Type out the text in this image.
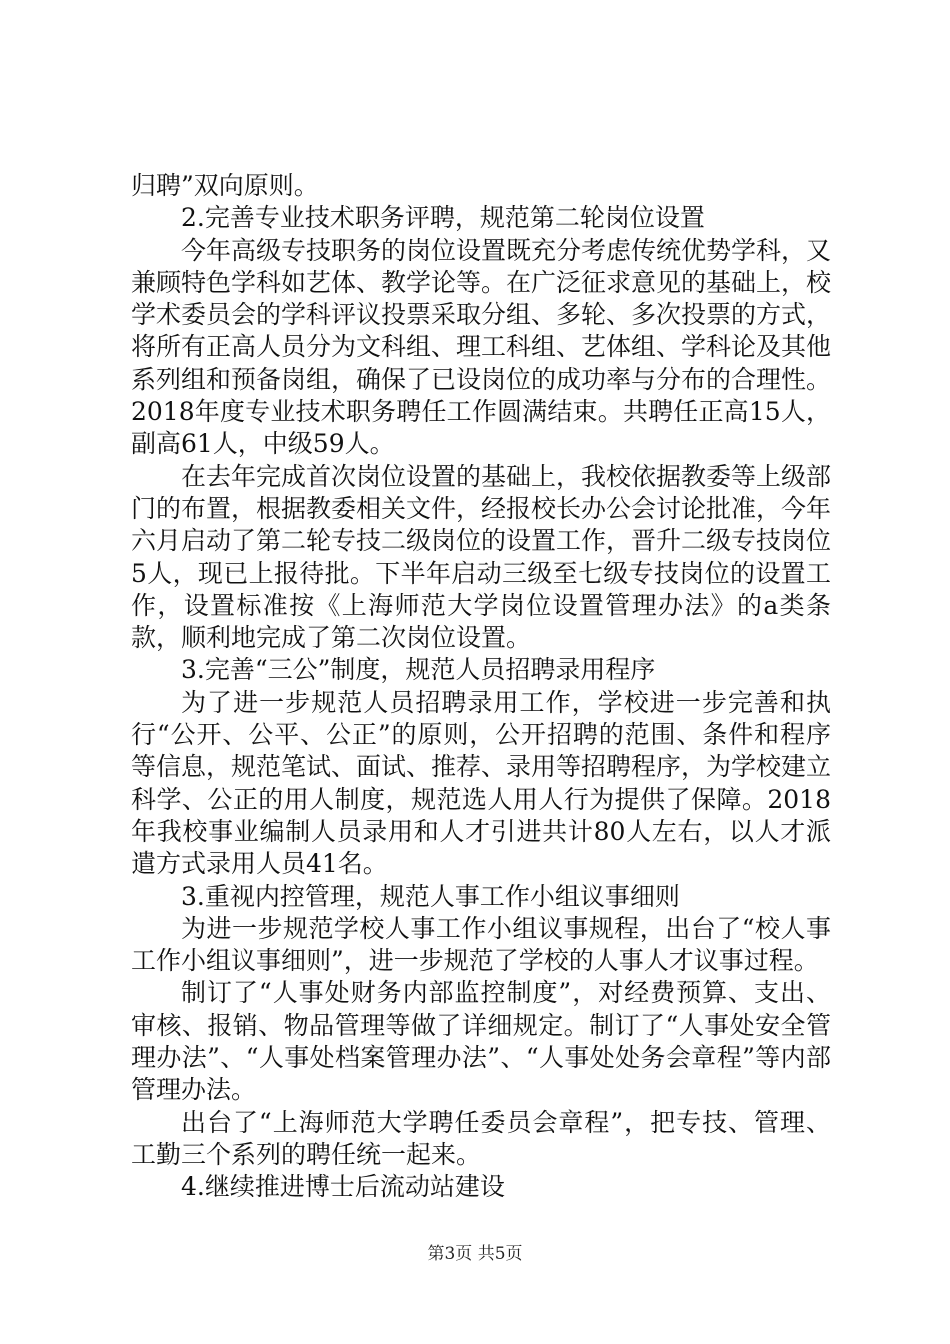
归聘”双向原则。

2.完善专业技术职务评聘，规范第二轮岗位设置

今年高级专技职务的岗位设置既充分考虑传统优势学科，又兼顾特色学科如艺体、教学论等。在广泛征求意见的基础上，校学术委员会的学科评议投票采取分组、多轮、多次投票的方式，将所有正高人员分为文科组、理工科组、艺体组、学科论及其他系列组和预备岗组，确保了已设岗位的成功率与分布的合理性。2018年度专业技术职务聘任工作圆满结束。共聘任正高15人，副高61人，中级59人。

在去年完成首次岗位设置的基础上，我校依据教委等上级部门的布置，根据教委相关文件，经报校长办公会讨论批准，今年六月启动了第二轮专技二级岗位的设置工作，晋升二级专技岗位5人，现已上报待批。下半年启动三级至七级专技岗位的设置工作，设置标准按《上海师范大学岗位设置管理办法》的a类条款，顺利地完成了第二次岗位设置。

3.完善“三公”制度，规范人员招聘录用程序

为了进一步规范人员招聘录用工作，学校进一步完善和执行“公开、公平、公正”的原则，公开招聘的范围、条件和程序等信息，规范笔试、面试、推荐、录用等招聘程序，为学校建立科学、公正的用人制度，规范选人用人行为提供了保障。2018年我校事业编制人员录用和人才引进共计80人左右，以人才派遣方式录用人员41名。

3.重视内控管理，规范人事工作小组议事细则

为进一步规范学校人事工作小组议事规程，出台了“校人事工作小组议事细则”，进一步规范了学校的人事人才议事过程。

制订了“人事处财务内部监控制度”，对经费预算、支出、审核、报销、物品管理等做了详细规定。制订了“人事处安全管理办法”、“人事处档案管理办法”、“人事处处务会章程”等内部管理办法。

出台了“上海师范大学聘任委员会章程”，把专技、管理、工勤三个系列的聘任统一起来。

4.继续推进博士后流动站建设

第3页 共5页
